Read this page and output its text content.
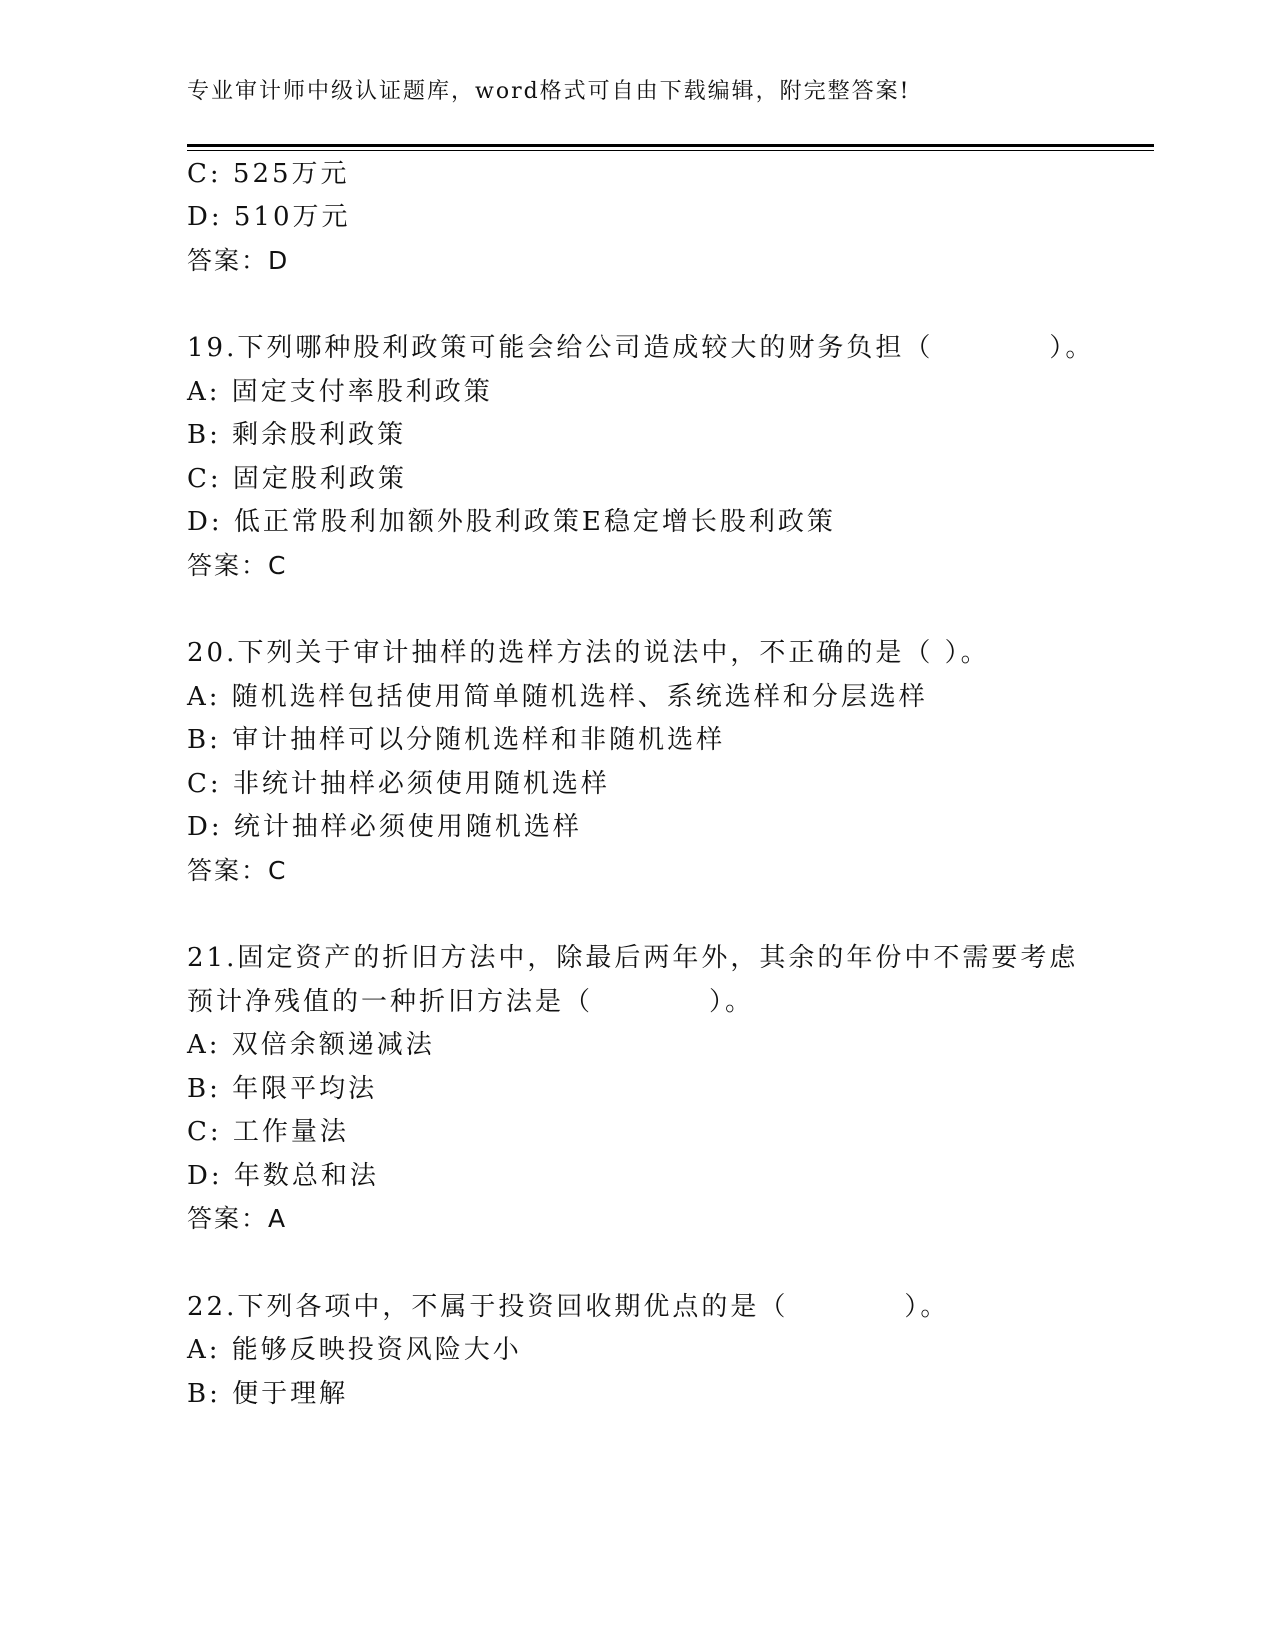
专业审计师中级认证题库，word格式可自由下载编辑，附完整答案!
C: 525万元
D: 510万元
答案：D
19.下列哪种股利政策可能会给公司造成较大的财务负担（　　　　）。
A: 固定支付率股利政策
B: 剩余股利政策
C: 固定股利政策
D: 低正常股利加额外股利政策E稳定增长股利政策
答案：C
20.下列关于审计抽样的选样方法的说法中，不正确的是（ ）。
A: 随机选样包括使用简单随机选样、系统选样和分层选样
B: 审计抽样可以分随机选样和非随机选样
C: 非统计抽样必须使用随机选样
D: 统计抽样必须使用随机选样
答案：C
21.固定资产的折旧方法中，除最后两年外，其余的年份中不需要考虑
预计净残值的一种折旧方法是（　　　　）。
A: 双倍余额递减法
B: 年限平均法
C: 工作量法
D: 年数总和法
答案：A
22.下列各项中，不属于投资回收期优点的是（　　　　）。
A: 能够反映投资风险大小
B: 便于理解
